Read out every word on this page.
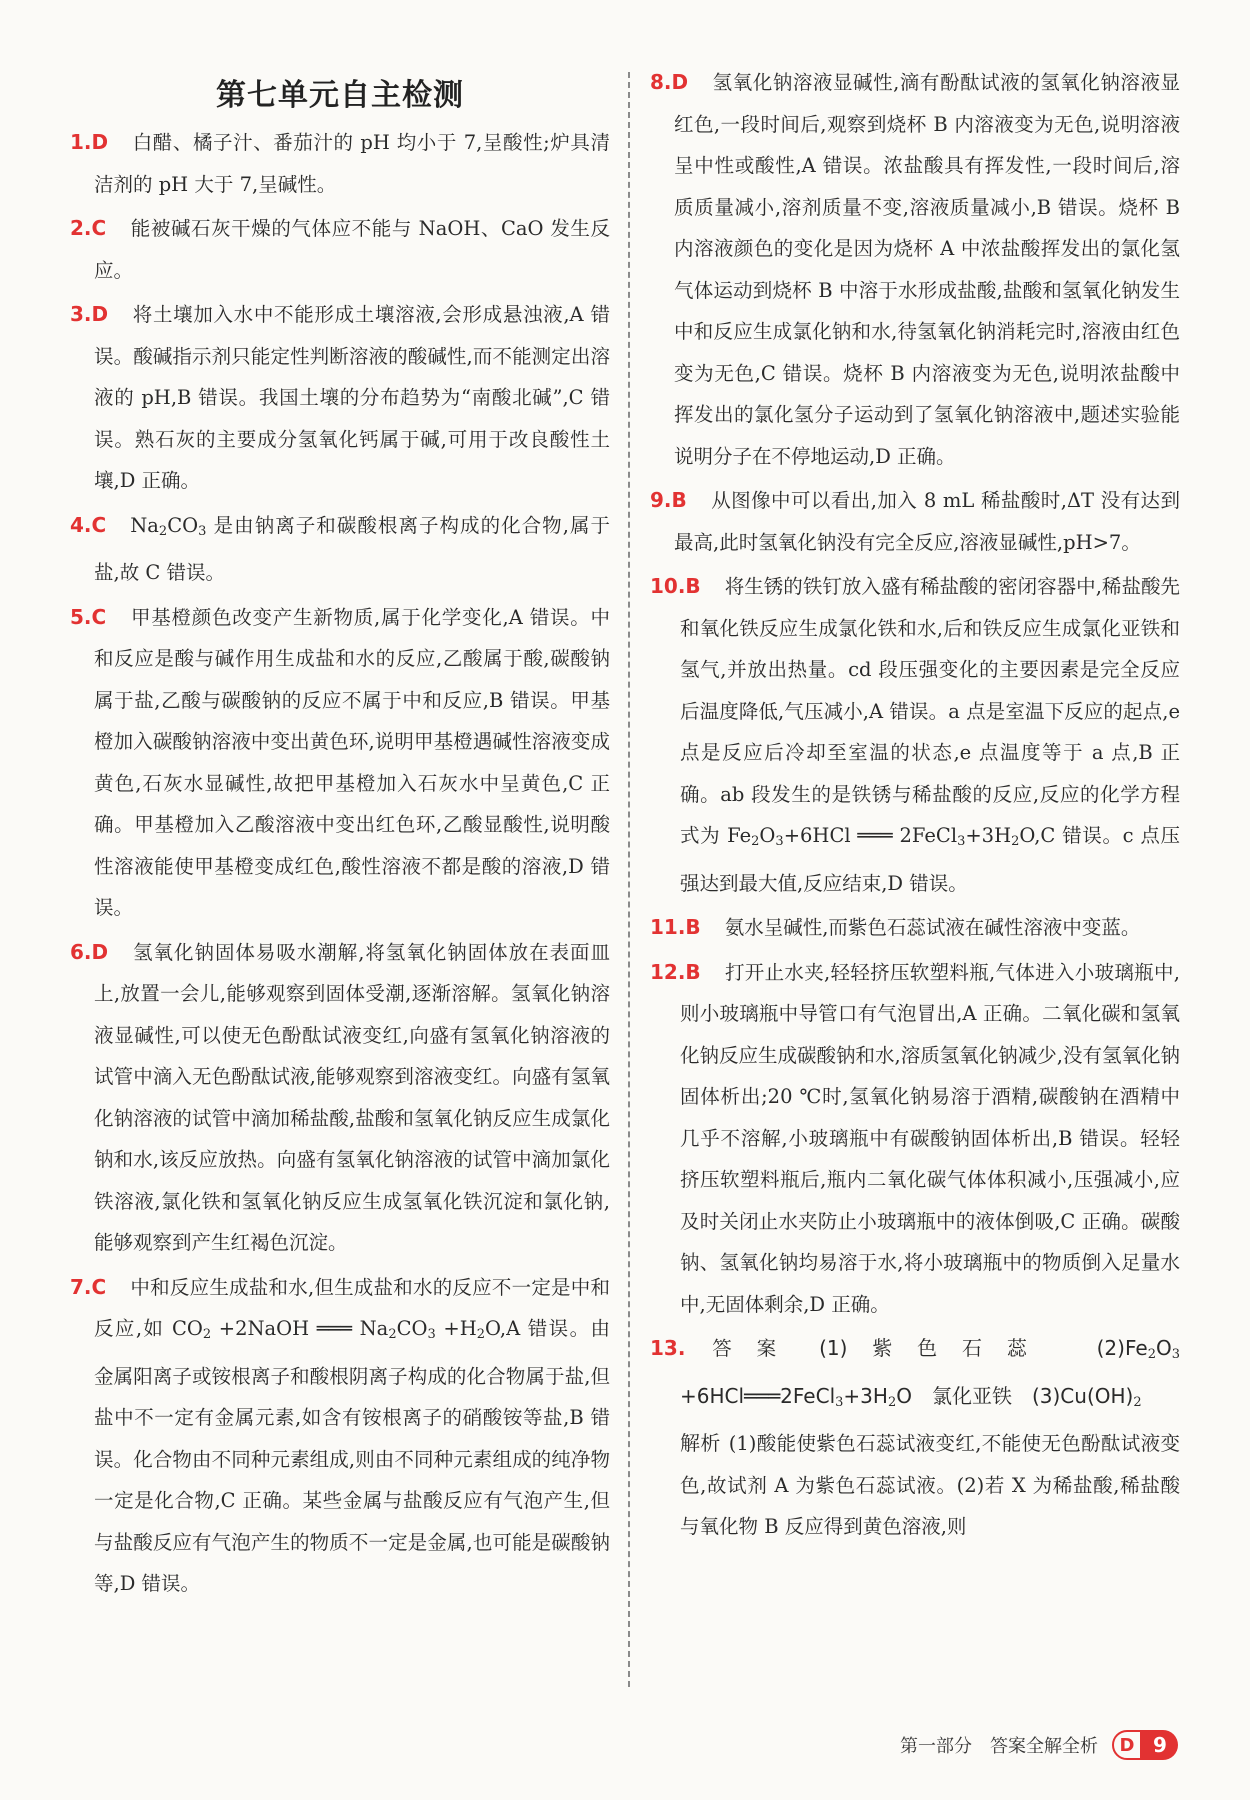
第七单元自主检测

1.D 白醋、橘子汁、番茄汁的 pH 均小于 7,呈酸性;炉具清洁剂的 pH 大于 7,呈碱性。

2.C 能被碱石灰干燥的气体应不能与 NaOH、CaO 发生反应。

3.D 将土壤加入水中不能形成土壤溶液,会形成悬浊液,A 错误。酸碱指示剂只能定性判断溶液的酸碱性,而不能测定出溶液的 pH,B 错误。我国土壤的分布趋势为“南酸北碱”,C 错误。熟石灰的主要成分氢氧化钙属于碱,可用于改良酸性土壤,D 正确。

4.C $Na_2CO_3$ 是由钠离子和碳酸根离子构成的化合物,属于盐,故 C 错误。

5.C 甲基橙颜色改变产生新物质,属于化学变化,A 错误。中和反应是酸与碱作用生成盐和水的反应,乙酸属于酸,碳酸钠属于盐,乙酸与碳酸钠的反应不属于中和反应,B 错误。甲基橙加入碳酸钠溶液中变出黄色环,说明甲基橙遇碱性溶液变成黄色,石灰水显碱性,故把甲基橙加入石灰水中呈黄色,C 正确。甲基橙加入乙酸溶液中变出红色环,乙酸显酸性,说明酸性溶液能使甲基橙变成红色,酸性溶液不都是酸的溶液,D 错误。

6.D 氢氧化钠固体易吸水潮解,将氢氧化钠固体放在表面皿上,放置一会儿,能够观察到固体受潮,逐渐溶解。氢氧化钠溶液显碱性,可以使无色酚酞试液变红,向盛有氢氧化钠溶液的试管中滴入无色酚酞试液,能够观察到溶液变红。向盛有氢氧化钠溶液的试管中滴加稀盐酸,盐酸和氢氧化钠反应生成氯化钠和水,该反应放热。向盛有氢氧化钠溶液的试管中滴加氯化铁溶液,氯化铁和氢氧化钠反应生成氢氧化铁沉淀和氯化钠,能够观察到产生红褐色沉淀。

7.C 中和反应生成盐和水,但生成盐和水的反应不一定是中和反应,如 $CO_2$ +2NaOH ═══ $Na_2CO_3 +H_2O,A$ 错误。由金属阳离子或铵根离子和酸根阴离子构成的化合物属于盐,但盐中不一定有金属元素,如含有铵根离子的硝酸铵等盐,B 错误。化合物由不同种元素组成,则由不同种元素组成的纯净物一定是化合物,C 正确。某些金属与盐酸反应有气泡产生,但与盐酸反应有气泡产生的物质不一定是金属,也可能是碳酸钠等,D 错误。

8.D 氢氧化钠溶液显碱性,滴有酚酞试液的氢氧化钠溶液显红色,一段时间后,观察到烧杯 B 内溶液变为无色,说明溶液呈中性或酸性,A 错误。浓盐酸具有挥发性,一段时间后,溶质质量减小,溶剂质量不变,溶液质量减小,B 错误。烧杯 B 内溶液颜色的变化是因为烧杯 A 中浓盐酸挥发出的氯化氢气体运动到烧杯 B 中溶于水形成盐酸,盐酸和氢氧化钠发生中和反应生成氯化钠和水,待氢氧化钠消耗完时,溶液由红色变为无色,C 错误。烧杯 B 内溶液变为无色,说明浓盐酸中挥发出的氯化氢分子运动到了氢氧化钠溶液中,题述实验能说明分子在不停地运动,D 正确。

9.B 从图像中可以看出,加入 8 mL 稀盐酸时,ΔT 没有达到最高,此时氢氧化钠没有完全反应,溶液显碱性,pH>7。

10.B 将生锈的铁钉放入盛有稀盐酸的密闭容器中,稀盐酸先和氧化铁反应生成氯化铁和水,后和铁反应生成氯化亚铁和氢气,并放出热量。cd 段压强变化的主要因素是完全反应后温度降低,气压减小,A 错误。a 点是室温下反应的起点,e 点是反应后冷却至室温的状态,e 点温度等于 a 点,B 正确。ab 段发生的是铁锈与稀盐酸的反应,反应的化学方程式为 $Fe_2O_3+6HCl$ ═══ $2FeCl_3+3H_2O,C$ 错误。c 点压强达到最大值,反应结束,D 错误。

11.B 氨水呈碱性,而紫色石蕊试液在碱性溶液中变蓝。

12.B 打开止水夹,轻轻挤压软塑料瓶,气体进入小玻璃瓶中,则小玻璃瓶中导管口有气泡冒出,A 正确。二氧化碳和氢氧化钠反应生成碳酸钠和水,溶质氢氧化钠减少,没有氢氧化钠固体析出;20 ℃时,氢氧化钠易溶于酒精,碳酸钠在酒精中几乎不溶解,小玻璃瓶中有碳酸钠固体析出,B 错误。轻轻挤压软塑料瓶后,瓶内二氧化碳气体体积减小,压强减小,应及时关闭止水夹防止小玻璃瓶中的液体倒吸,C 正确。碳酸钠、氢氧化钠均易溶于水,将小玻璃瓶中的物质倒入足量水中,无固体剩余,D 正确。

13. 答案 (1)紫色石蕊　$(2)Fe_2O_3$ $+6HCl═══2FeCl_3+3H_2O$　氯化亚铁　$(3)Cu(OH)_2$
解析 (1)酸能使紫色石蕊试液变红,不能使无色酚酞试液变色,故试剂 A 为紫色石蕊试液。(2)若 X 为稀盐酸,稀盐酸与氧化物 B 反应得到黄色溶液,则

第一部分 答案全解全析	D 9
